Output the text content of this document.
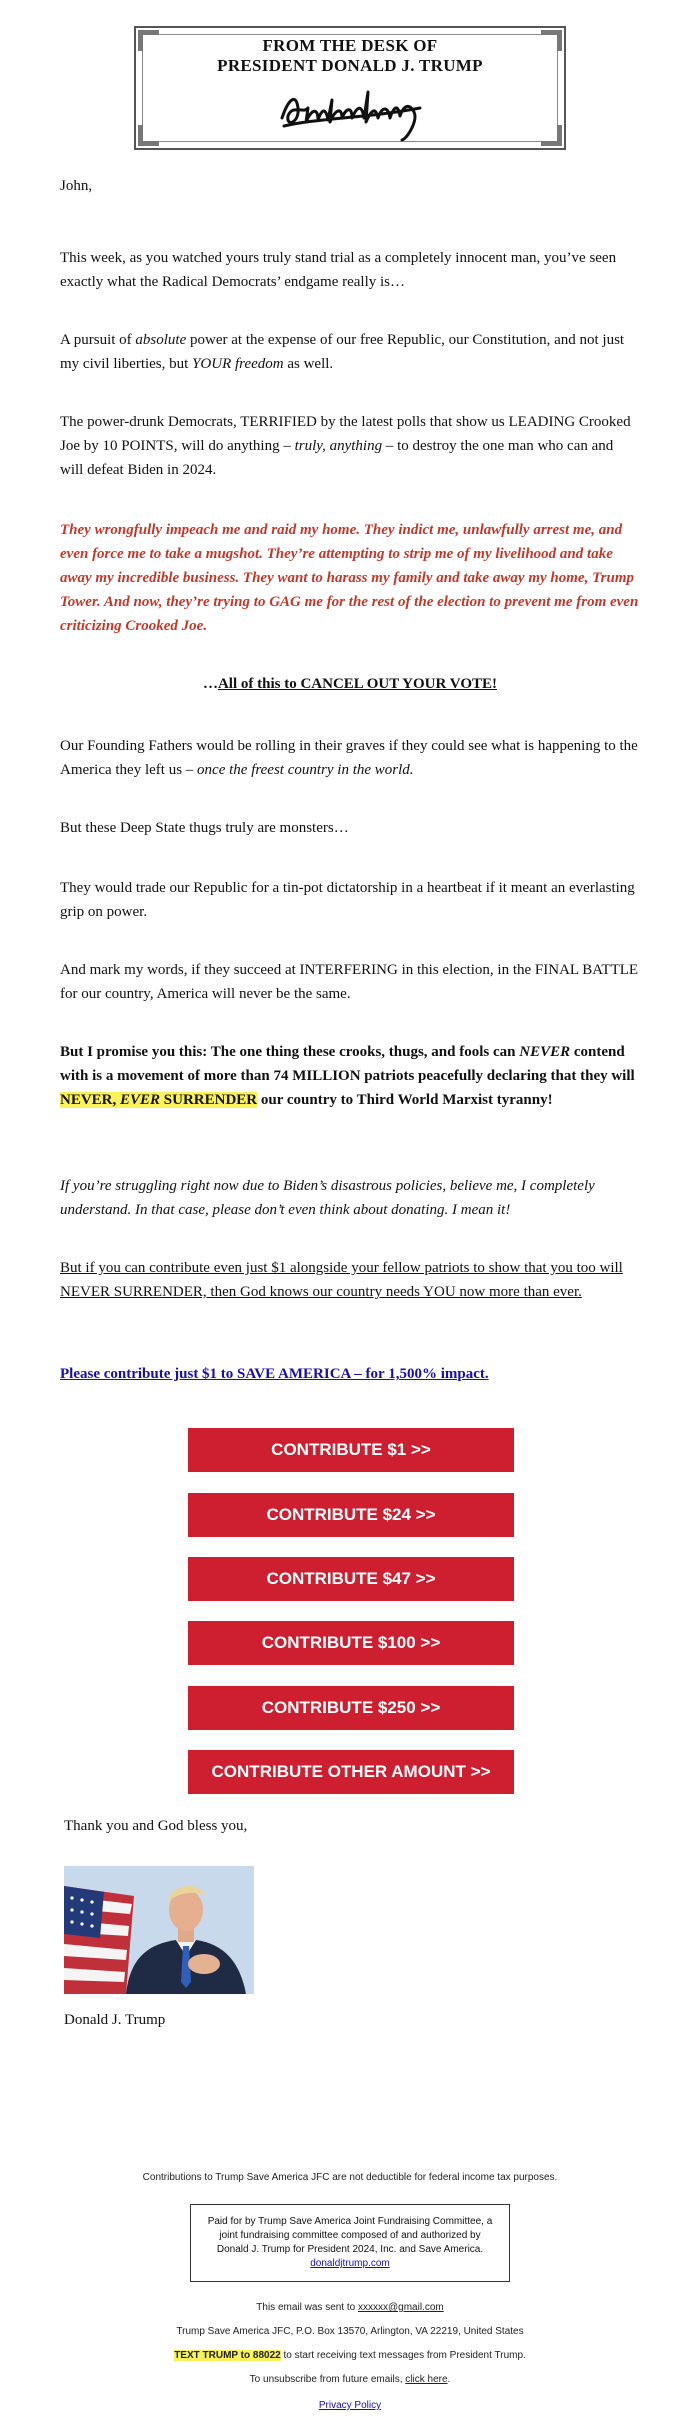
FROM THE DESK OF
PRESIDENT DONALD J. TRUMP
John,
This week, as you watched yours truly stand trial as a completely innocent man, you’ve seen exactly what the Radical Democrats’ endgame really is…
A pursuit of absolute power at the expense of our free Republic, our Constitution, and not just my civil liberties, but YOUR freedom as well.
The power-drunk Democrats, TERRIFIED by the latest polls that show us LEADING Crooked Joe by 10 POINTS, will do anything – truly, anything – to destroy the one man who can and will defeat Biden in 2024.
They wrongfully impeach me and raid my home. They indict me, unlawfully arrest me, and even force me to take a mugshot. They’re attempting to strip me of my livelihood and take away my incredible business. They want to harass my family and take away my home, Trump Tower. And now, they’re trying to GAG me for the rest of the election to prevent me from even criticizing Crooked Joe.
…All of this to CANCEL OUT YOUR VOTE!
Our Founding Fathers would be rolling in their graves if they could see what is happening to the America they left us – once the freest country in the world.
But these Deep State thugs truly are monsters…
They would trade our Republic for a tin-pot dictatorship in a heartbeat if it meant an everlasting grip on power.
And mark my words, if they succeed at INTERFERING in this election, in the FINAL BATTLE for our country, America will never be the same.
But I promise you this: The one thing these crooks, thugs, and fools can NEVER contend with is a movement of more than 74 MILLION patriots peacefully declaring that they will NEVER, EVER SURRENDER our country to Third World Marxist tyranny!
If you’re struggling right now due to Biden’s disastrous policies, believe me, I completely understand. In that case, please don’t even think about donating. I mean it!
But if you can contribute even just $1 alongside your fellow patriots to show that you too will NEVER SURRENDER, then God knows our country needs YOU now more than ever.
Please contribute just $1 to SAVE AMERICA – for 1,500% impact.
CONTRIBUTE $1 >>
CONTRIBUTE $24 >>
CONTRIBUTE $47 >>
CONTRIBUTE $100 >>
CONTRIBUTE $250 >>
CONTRIBUTE OTHER AMOUNT >>
Thank you and God bless you,
Donald J. Trump
Contributions to Trump Save America JFC are not deductible for federal income tax purposes.
Paid for by Trump Save America Joint Fundraising Committee, a joint fundraising committee composed of and authorized by Donald J. Trump for President 2024, Inc. and Save America.
donaldjtrump.com
This email was sent to xxxxxx@gmail.com
Trump Save America JFC, P.O. Box 13570, Arlington, VA 22219, United States
TEXT TRUMP to 88022 to start receiving text messages from President Trump.
To unsubscribe from future emails, click here.
Privacy Policy
